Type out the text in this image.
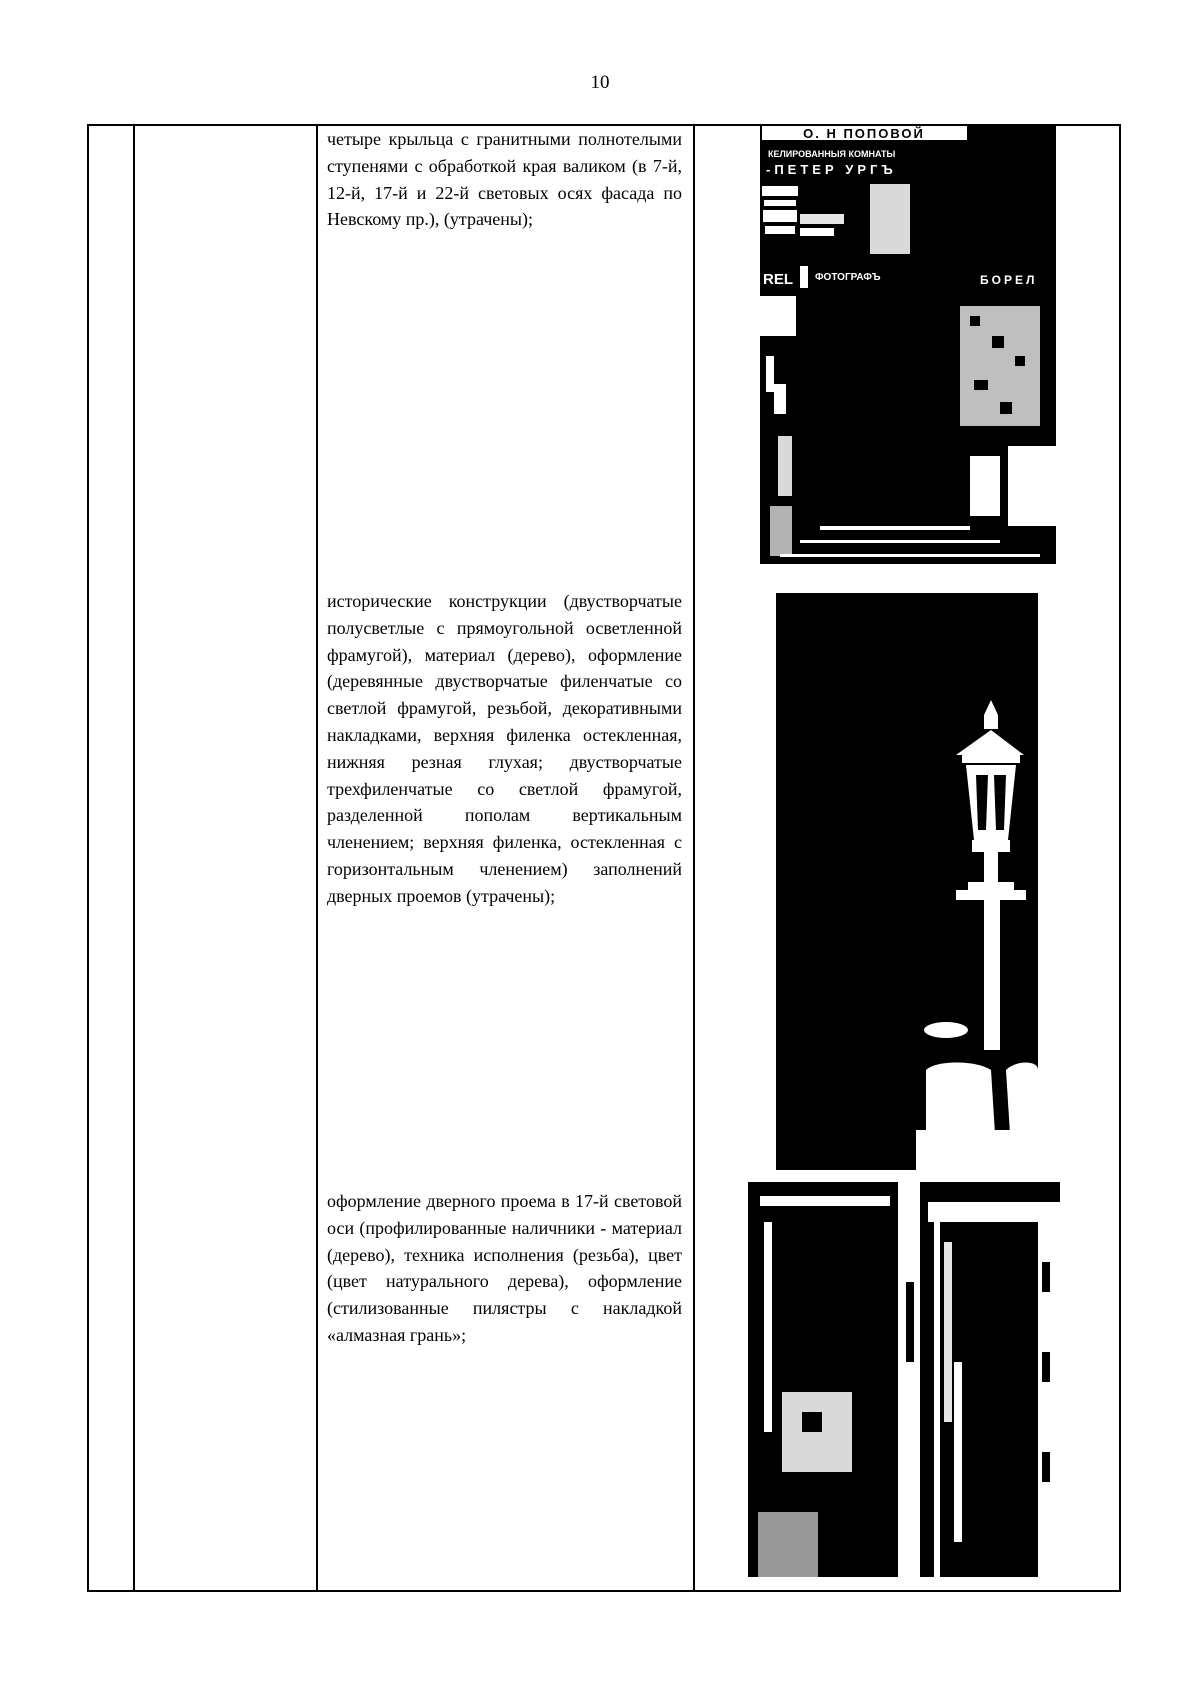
10
четыре крыльца с гранитными полнотелыми ступенями с обработкой края валиком (в 7-й, 12-й, 17-й и 22-й световых осях фасада по Невскому пр.), (утрачены);
О. Н ПОПОВОЙ
КЕЛИРОВАННЫЯ КОМНАТЫ
-ПЕТЕР УРГЪ
REL ФОТОГРАФЪ	БОРЕЛ
исторические конструкции (двустворчатые полусветлые с прямоугольной осветленной фрамугой), материал (дерево), оформление (деревянные двустворчатые филенчатые со светлой фрамугой, резьбой, декоративными накладками, верхняя филенка остекленная, нижняя резная глухая; двустворчатые трехфиленчатые со светлой фрамугой, разделенной пополам вертикальным членением; верхняя филенка, остекленная с горизонтальным членением) заполнений дверных проемов (утрачены);
оформление дверного проема в 17-й световой оси (профилированные наличники - материал (дерево), техника исполнения (резьба), цвет (цвет натурального дерева), оформление (стилизованные пилястры с накладкой «алмазная грань»;
